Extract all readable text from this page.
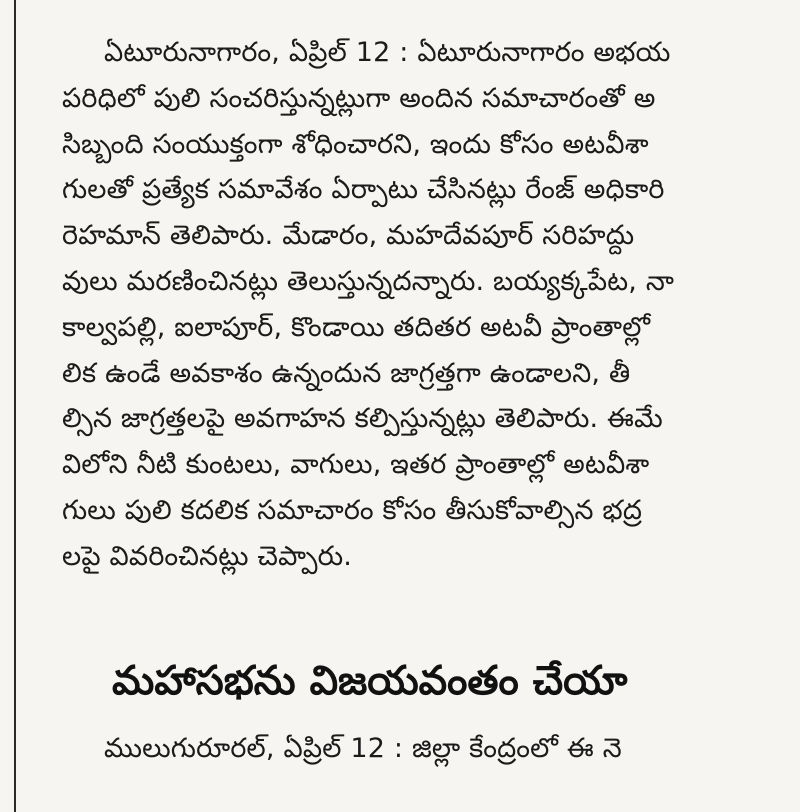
ఏటూరునాగారం, ఏప్రిల్ 12 : ఏటూరునాగారం అభయ
పరిధిలో పులి సంచరిస్తున్నట్లుగా అందిన సమాచారంతో అ
సిబ్బంది సంయుక్తంగా శోధించారని, ఇందు కోసం అటవీశా
గులతో ప్రత్యేక సమావేశం ఏర్పాటు చేసినట్లు రేంజ్ అధికారి
రెహమాన్ తెలిపారు. మేడారం, మహదేవపూర్ సరిహద్దు
వులు మరణించినట్లు తెలుస్తున్నదన్నారు. బయ్యక్కపేట, నా
కాల్వపల్లి, ఐలాపూర్, కొండాయి తదితర అటవీ ప్రాంతాల్లో
లిక ఉండే అవకాశం ఉన్నందున జాగ్రత్తగా ఉండాలని, తీ
ల్సిన జాగ్రత్తలపై అవగాహన కల్పిస్తున్నట్లు తెలిపారు. ఈమే
విలోని నీటి కుంటలు, వాగులు, ఇతర ప్రాంతాల్లో అటవీశా
గులు పులి కదలిక సమాచారం కోసం తీసుకోవాల్సిన భద్ర
లపై వివరించినట్లు చెప్పారు.
మహాసభను విజయవంతం చేయా
ములుగురూరల్, ఏప్రిల్ 12 : జిల్లా కేంద్రంలో ఈ నె
